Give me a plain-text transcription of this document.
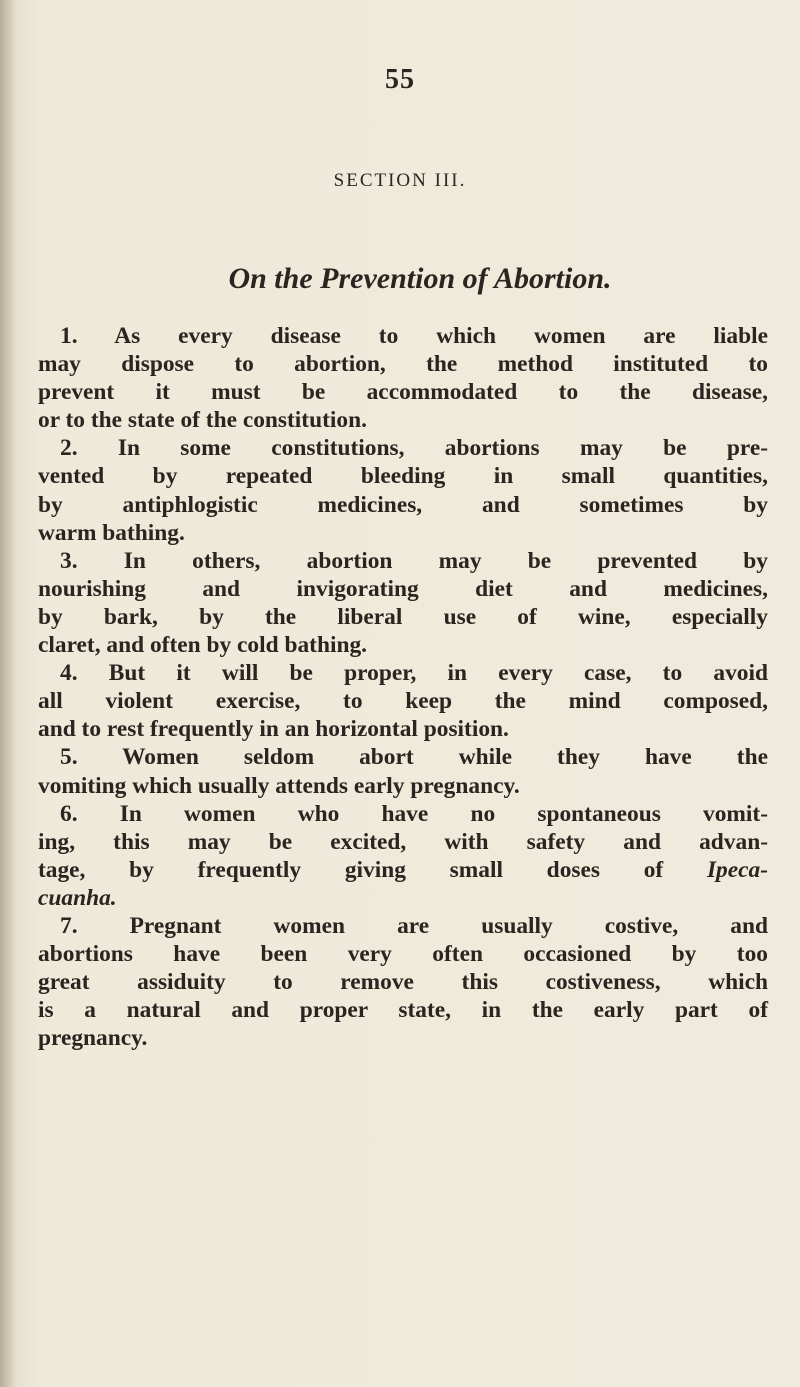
55

SECTION III.

On the Prevention of Abortion.
1. As every disease to which women are liable
may dispose to abortion, the method instituted to
prevent it must be accommodated to the disease,
or to the state of the constitution.
2. In some constitutions, abortions may be pre-
vented by repeated bleeding in small quantities,
by antiphlogistic medicines, and sometimes by
warm bathing.
3. In others, abortion may be prevented by
nourishing and invigorating diet and medicines,
by bark, by the liberal use of wine, especially
claret, and often by cold bathing.
4. But it will be proper, in every case, to avoid
all violent exercise, to keep the mind composed,
and to rest frequently in an horizontal position.
5. Women seldom abort while they have the
vomiting which usually attends early pregnancy.
6. In women who have no spontaneous vomit-
ing, this may be excited, with safety and advan-
tage, by frequently giving small doses of Ipeca-
cuanha.
7. Pregnant women are usually costive, and
abortions have been very often occasioned by too
great assiduity to remove this costiveness, which
is a natural and proper state, in the early part of
pregnancy.
